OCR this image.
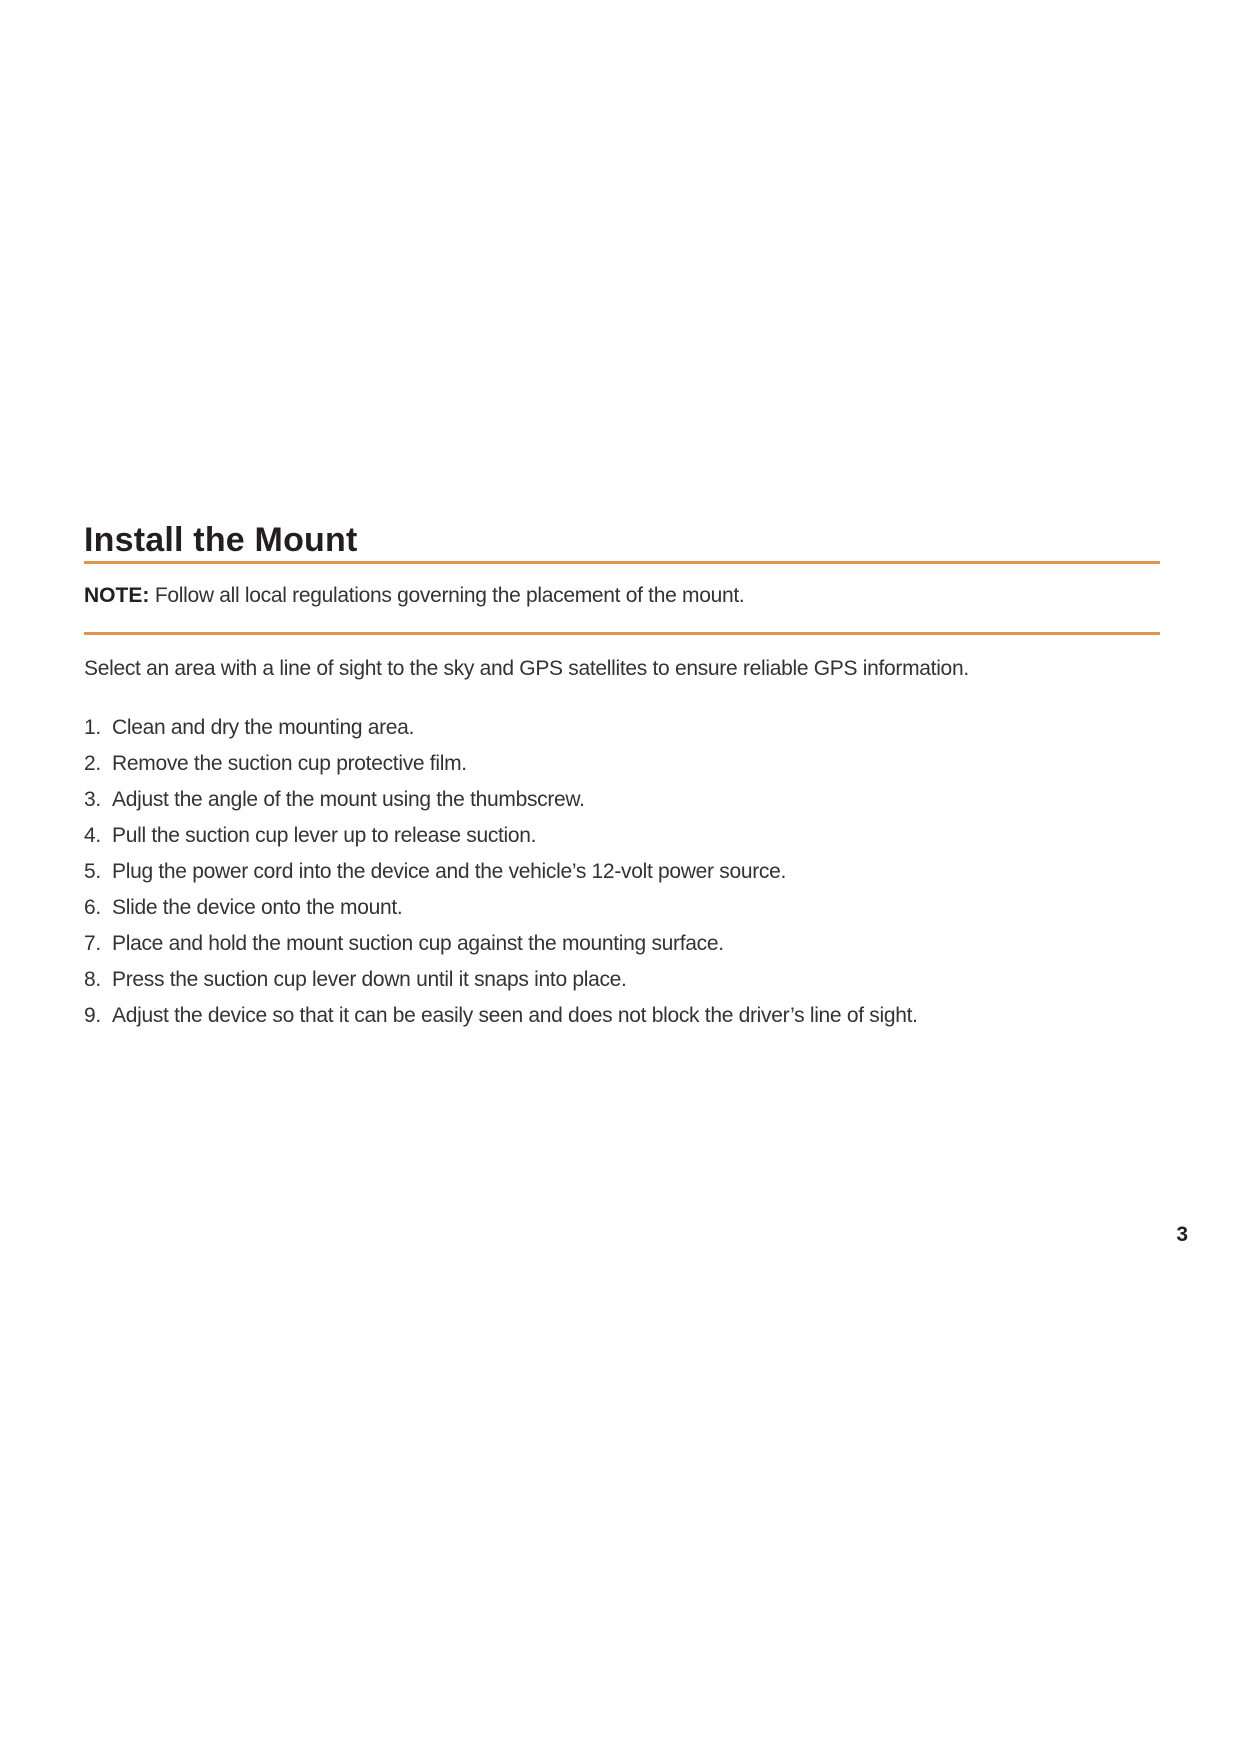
Install the Mount
NOTE: Follow all local regulations governing the placement of the mount.

Select an area with a line of sight to the sky and GPS satellites to ensure reliable GPS information.

1. Clean and dry the mounting area.
2. Remove the suction cup protective film.
3. Adjust the angle of the mount using the thumbscrew.
4. Pull the suction cup lever up to release suction.
5. Plug the power cord into the device and the vehicle’s 12-volt power source.
6. Slide the device onto the mount.
7. Place and hold the mount suction cup against the mounting surface.
8. Press the suction cup lever down until it snaps into place.
9. Adjust the device so that it can be easily seen and does not block the driver’s line of sight.
3
